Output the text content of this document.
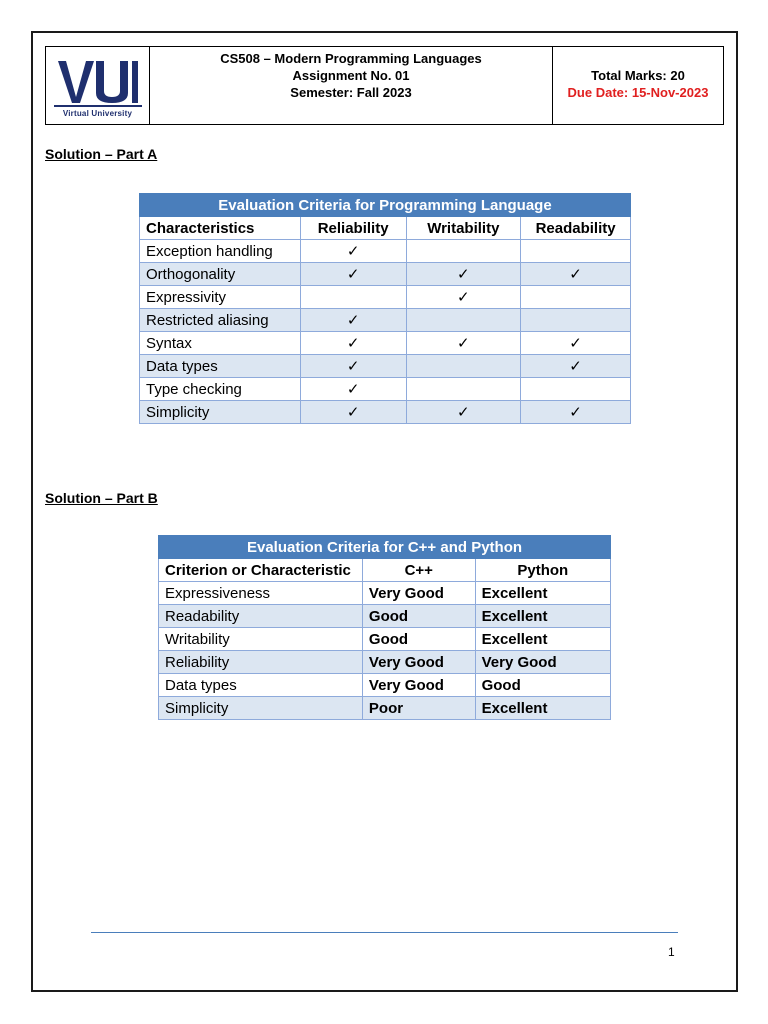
Virtual University
CS508 – Modern Programming Languages
Assignment No. 01
Semester: Fall 2023
Total Marks: 20
Due Date: 15-Nov-2023
Solution – Part A
Evaluation Criteria for Programming Language			
Characteristics	Reliability	Writability	Readability
Exception handling	✓		
Orthogonality	✓	✓	✓
Expressivity		✓	
Restricted aliasing	✓		
Syntax	✓	✓	✓
Data types	✓		✓
Type checking	✓		
Simplicity	✓	✓	✓
Solution – Part B
Evaluation Criteria for C++ and Python		
Criterion or Characteristic	C++	Python
Expressiveness	Very Good	Excellent
Readability	Good	Excellent
Writability	Good	Excellent
Reliability	Very Good	Very Good
Data types	Very Good	Good
Simplicity	Poor	Excellent
1
